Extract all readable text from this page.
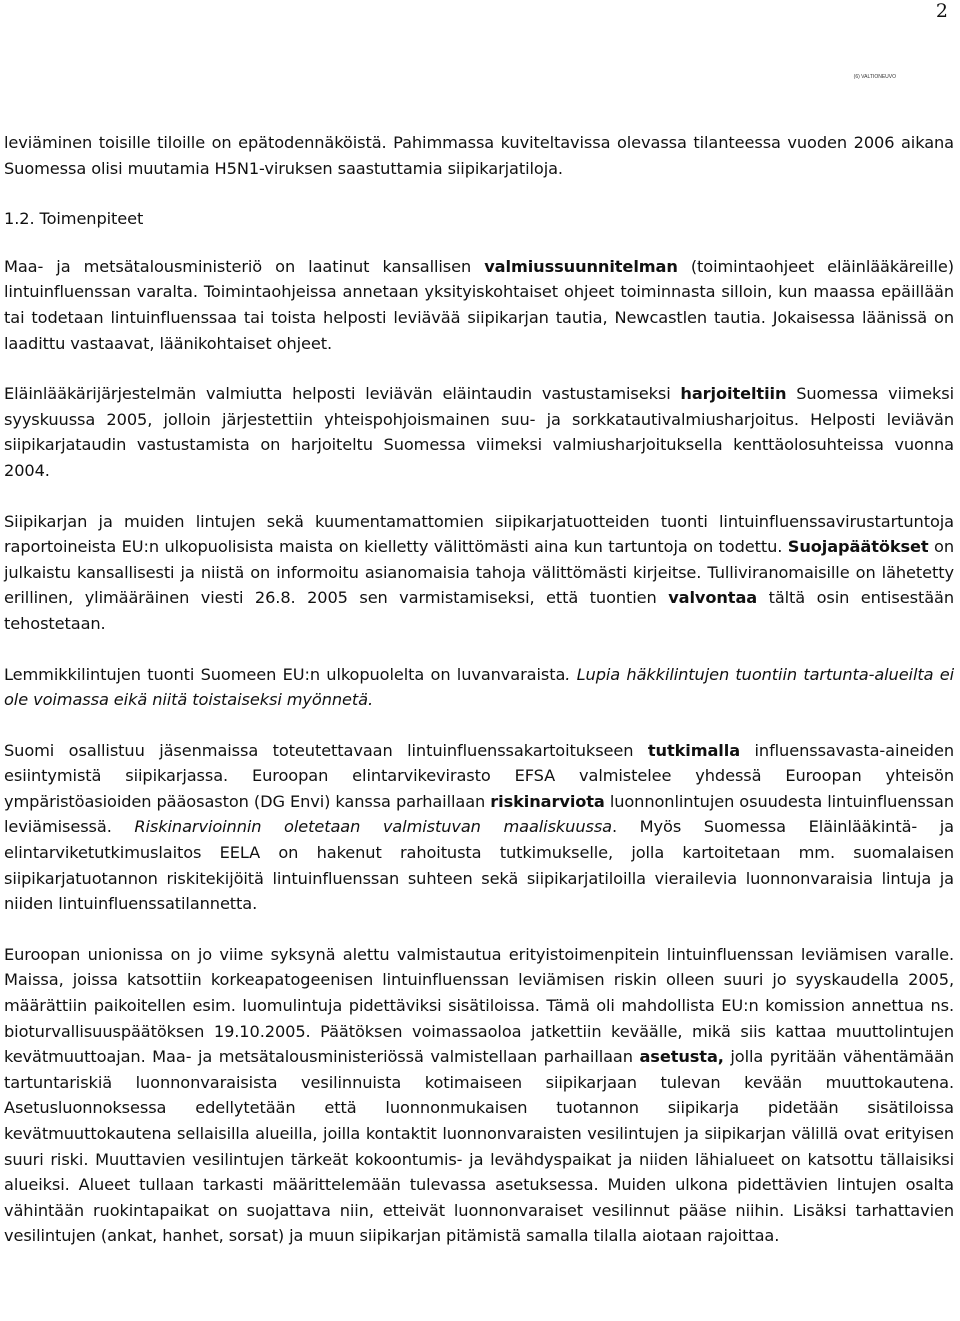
2
(6) VALTIONEUVO

leviäminen toisille tiloille on epätodennäköistä. Pahimmassa kuviteltavissa olevassa tilanteessa vuoden 2006 aikana Suomessa olisi muutamia H5N1-viruksen saastuttamia siipikarjatiloja.

1.2. Toimenpiteet

Maa- ja metsätalousministeriö on laatinut kansallisen valmiussuunnitelman (toimintaohjeet eläinlääkäreille) lintuinfluenssan varalta. Toimintaohjeissa annetaan yksityiskohtaiset ohjeet toiminnasta silloin, kun maassa epäillään tai todetaan lintuinfluenssaa tai toista helposti leviävää siipikarjan tautia, Newcastlen tautia. Jokaisessa läänissä on laadittu vastaavat, läänikohtaiset ohjeet.

Eläinlääkärijärjestelmän valmiutta helposti leviävän eläintaudin vastustamiseksi harjoiteltiin Suomessa viimeksi syyskuussa 2005, jolloin järjestettiin yhteispohjoismainen suu- ja sorkkatautivalmiusharjoitus. Helposti leviävän siipikarjataudin vastustamista on harjoiteltu Suomessa viimeksi valmiusharjoituksella kenttäolosuhteissa vuonna 2004.

Siipikarjan ja muiden lintujen sekä kuumentamattomien siipikarjatuotteiden tuonti lintuinfluenssavirustartuntoja raportoineista EU:n ulkopuolisista maista on kielletty välittömästi aina kun tartuntoja on todettu. Suojapäätökset on julkaistu kansallisesti ja niistä on informoitu asianomaisia tahoja välittömästi kirjeitse. Tulliviranomaisille on lähetetty erillinen, ylimääräinen viesti 26.8. 2005 sen varmistamiseksi, että tuontien valvontaa tältä osin entisestään tehostetaan.

Lemmikkilintujen tuonti Suomeen EU:n ulkopuolelta on luvanvaraista. Lupia häkkilintujen tuontiin tartunta-alueilta ei ole voimassa eikä niitä toistaiseksi myönnetä.

Suomi osallistuu jäsenmaissa toteutettavaan lintuinfluenssakartoitukseen tutkimalla influenssavasta-aineiden esiintymistä siipikarjassa. Euroopan elintarvikevirasto EFSA valmistelee yhdessä Euroopan yhteisön ympäristöasioiden pääosaston (DG Envi) kanssa parhaillaan riskinarviota luonnonlintujen osuudesta lintuinfluenssan leviämisessä. Riskinarvioinnin oletetaan valmistuvan maaliskuussa. Myös Suomessa Eläinlääkintä- ja elintarviketutkimuslaitos EELA on hakenut rahoitusta tutkimukselle, jolla kartoitetaan mm. suomalaisen siipikarjatuotannon riskitekijöitä lintuinfluenssan suhteen sekä siipikarjatiloilla vierailevia luonnonvaraisia lintuja ja niiden lintuinfluenssatilannetta.

Euroopan unionissa on jo viime syksynä alettu valmistautua erityistoimenpitein lintuinfluenssan leviämisen varalle. Maissa, joissa katsottiin korkeapatogeenisen lintuinfluenssan leviämisen riskin olleen suuri jo syyskaudella 2005, määrättiin paikoitellen esim. luomulintuja pidettäviksi sisätiloissa. Tämä oli mahdollista EU:n komission annettua ns. bioturvallisuuspäätöksen 19.10.2005. Päätöksen voimassaoloa jatkettiin keväälle, mikä siis kattaa muuttolintujen kevätmuuttoajan. Maa- ja metsätalousministeriössä valmistellaan parhaillaan asetusta, jolla pyritään vähentämään tartuntariskiä luonnonvaraisista vesilinnuista kotimaiseen siipikarjaan tulevan kevään muuttokautena. Asetusluonnoksessa edellytetään että luonnonmukaisen tuotannon siipikarja pidetään sisätiloissa kevätmuuttokautena sellaisilla alueilla, joilla kontaktit luonnonvaraisten vesilintujen ja siipikarjan välillä ovat erityisen suuri riski. Muuttavien vesilintujen tärkeät kokoontumis- ja levähdyspaikat ja niiden lähialueet on katsottu tällaisiksi alueiksi. Alueet tullaan tarkasti määrittelemään tulevassa asetuksessa. Muiden ulkona pidettävien lintujen osalta vähintään ruokintapaikat on suojattava niin, etteivät luonnonvaraiset vesilinnut pääse niihin. Lisäksi tarhattavien vesilintujen (ankat, hanhet, sorsat) ja muun siipikarjan pitämistä samalla tilalla aiotaan rajoittaa.
